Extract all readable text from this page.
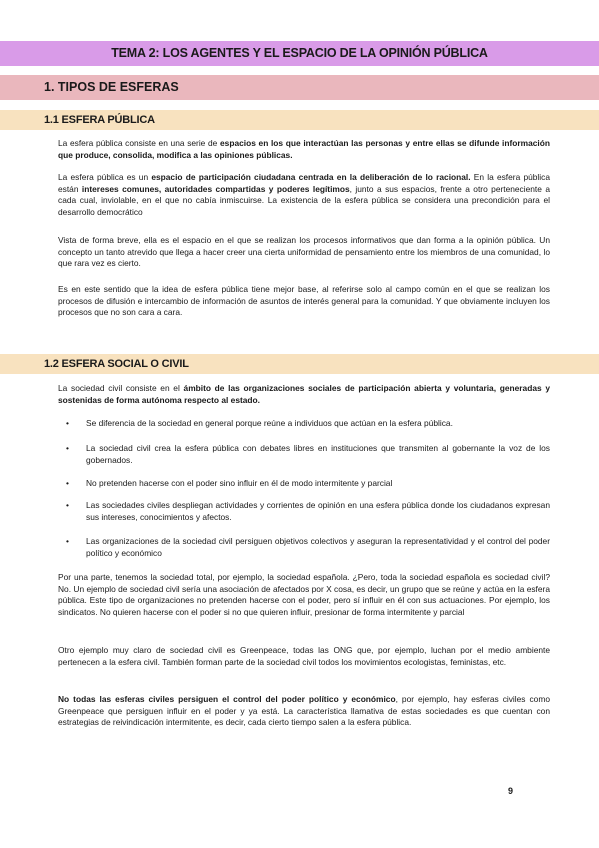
TEMA 2: LOS AGENTES Y EL ESPACIO DE LA OPINIÓN PÚBLICA
1. TIPOS DE ESFERAS
1.1 ESFERA PÚBLICA

La esfera pública consiste en una serie de espacios en los que interactúan las personas y entre ellas se difunde información que produce, consolida, modifica a las opiniones públicas.

La esfera pública es un espacio de participación ciudadana centrada en la deliberación de lo racional. En la esfera pública están intereses comunes, autoridades compartidas y poderes legítimos, junto a sus espacios, frente a otro perteneciente a cada cual, inviolable, en el que no cabía inmiscuirse. La existencia de la esfera pública se considera una precondición para el desarrollo democrático

Vista de forma breve, ella es el espacio en el que se realizan los procesos informativos que dan forma a la opinión pública. Un concepto un tanto atrevido que llega a hacer creer una cierta uniformidad de pensamiento entre los miembros de una comunidad, lo que rara vez es cierto.

Es en este sentido que la idea de esfera pública tiene mejor base, al referirse solo al campo común en el que se realizan los procesos de difusión e intercambio de información de asuntos de interés general para la comunidad. Y que obviamente incluyen los procesos que no son cara a cara.

1.2 ESFERA SOCIAL O CIVIL

La sociedad civil consiste en el ámbito de las organizaciones sociales de participación abierta y voluntaria, generadas y sostenidas de forma autónoma respecto al estado.

• Se diferencia de la sociedad en general porque reúne a individuos que actúan en la esfera pública.
• La sociedad civil crea la esfera pública con debates libres en instituciones que transmiten al gobernante la voz de los gobernados.
• No pretenden hacerse con el poder sino influir en él de modo intermitente y parcial
• Las sociedades civiles despliegan actividades y corrientes de opinión en una esfera pública donde los ciudadanos expresan sus intereses, conocimientos y afectos.
• Las organizaciones de la sociedad civil persiguen objetivos colectivos y aseguran la representatividad y el control del poder político y económico

Por una parte, tenemos la sociedad total, por ejemplo, la sociedad española. ¿Pero, toda la sociedad española es sociedad civil? No. Un ejemplo de sociedad civil sería una asociación de afectados por X cosa, es decir, un grupo que se reúne y actúa en la esfera pública. Este tipo de organizaciones no pretenden hacerse con el poder, pero sí influir en él con sus actuaciones. Por ejemplo, los sindicatos. No quieren hacerse con el poder si no que quieren influir, presionar de forma intermitente y parcial

Otro ejemplo muy claro de sociedad civil es Greenpeace, todas las ONG que, por ejemplo, luchan por el medio ambiente pertenecen a la esfera civil. También forman parte de la sociedad civil todos los movimientos ecologistas, feministas, etc.

No todas las esferas civiles persiguen el control del poder político y económico, por ejemplo, hay esferas civiles como Greenpeace que persiguen influir en el poder y ya está. La característica llamativa de estas sociedades es que cuentan con estrategias de reivindicación intermitente, es decir, cada cierto tiempo salen a la esfera pública.

9
